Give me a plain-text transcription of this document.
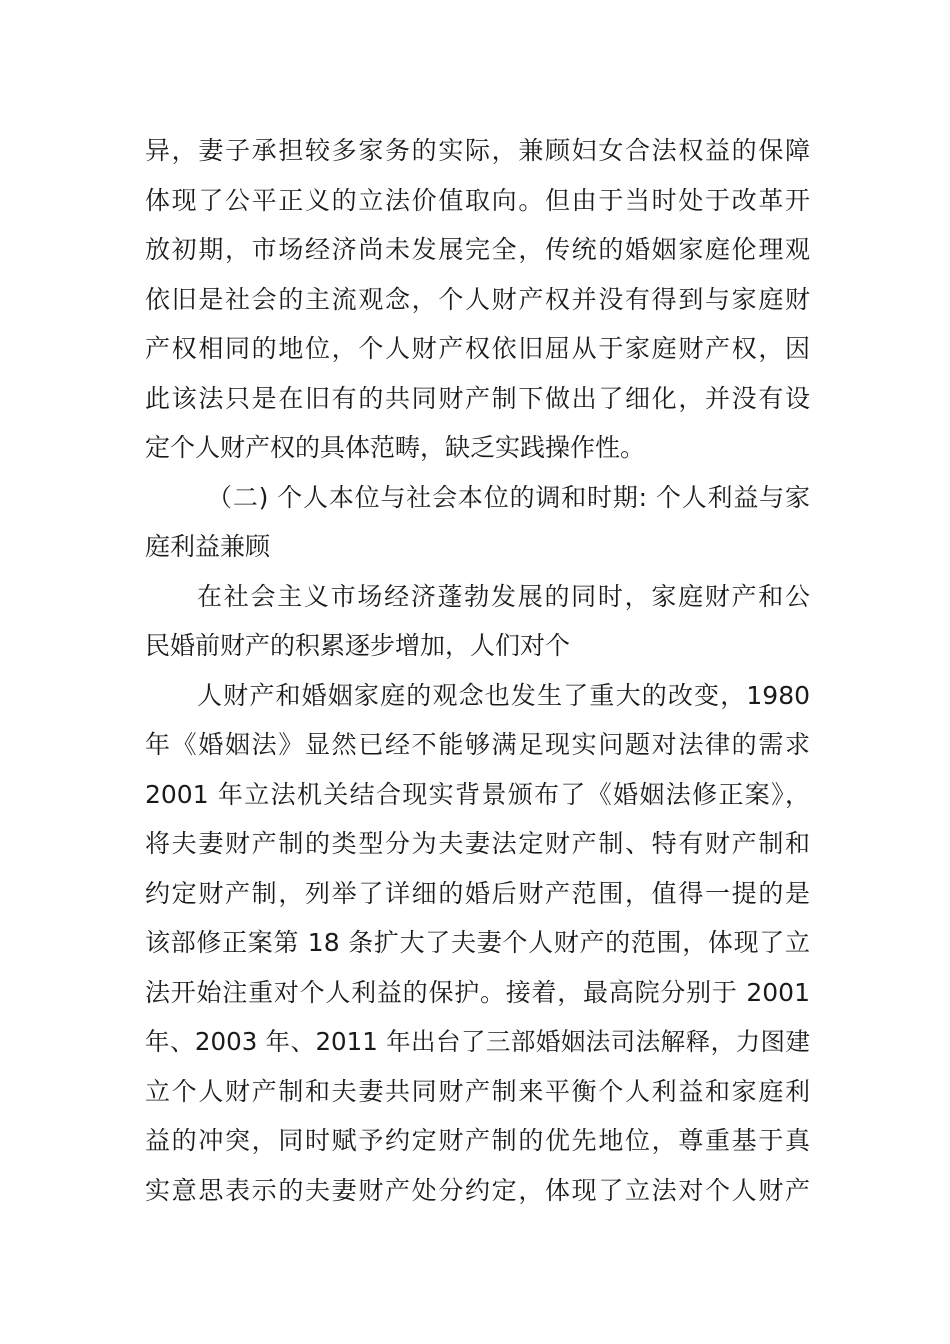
异，妻子承担较多家务的实际，兼顾妇女合法权益的保障
体现了公平正义的立法价值取向。但由于当时处于改革开
放初期，市场经济尚未发展完全，传统的婚姻家庭伦理观
依旧是社会的主流观念，个人财产权并没有得到与家庭财
产权相同的地位，个人财产权依旧屈从于家庭财产权，因
此该法只是在旧有的共同财产制下做出了细化，并没有设
定个人财产权的具体范畴，缺乏实践操作性。
（二) 个人本位与社会本位的调和时期: 个人利益与家
庭利益兼顾
在社会主义市场经济蓬勃发展的同时，家庭财产和公
民婚前财产的积累逐步增加，人们对个
人财产和婚姻家庭的观念也发生了重大的改变，1980
年《婚姻法》显然已经不能够满足现实问题对法律的需求
2001 年立法机关结合现实背景颁布了《婚姻法修正案》，
将夫妻财产制的类型分为夫妻法定财产制、特有财产制和
约定财产制，列举了详细的婚后财产范围，值得一提的是
该部修正案第 18 条扩大了夫妻个人财产的范围，体现了立
法开始注重对个人利益的保护。接着，最高院分别于 2001
年、2003 年、2011 年出台了三部婚姻法司法解释，力图建
立个人财产制和夫妻共同财产制来平衡个人利益和家庭利
益的冲突，同时赋予约定财产制的优先地位，尊重基于真
实意思表示的夫妻财产处分约定，体现了立法对个人财产
